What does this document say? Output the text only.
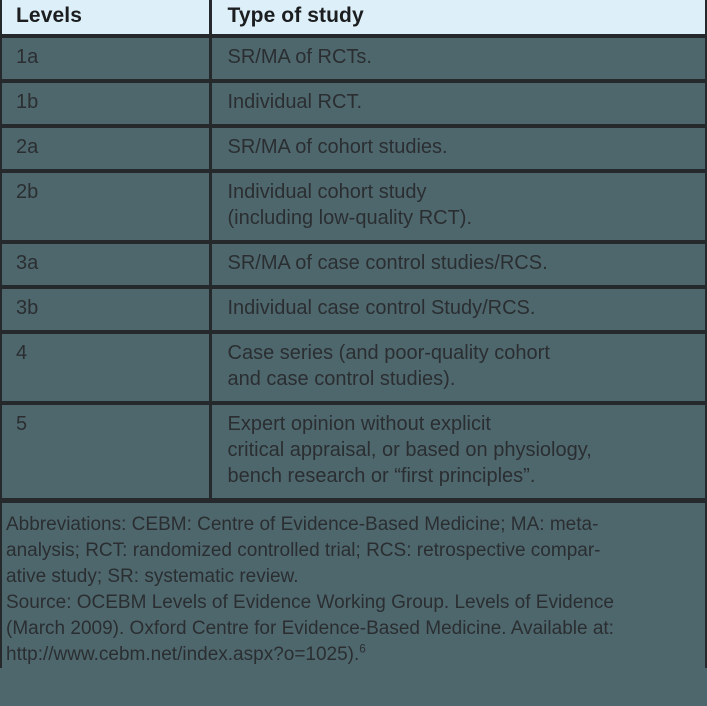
Levels	Type of study

1a	SR/MA of RCTs.

1b	Individual RCT.

2a	SR/MA of cohort studies.

2b	Individual cohort study
(including low-quality RCT).

3a	SR/MA of case control studies/RCS.

3b	Individual case control Study/RCS.

4	Case series (and poor-quality cohort
and case control studies).

5	Expert opinion without explicit
critical appraisal, or based on physiology,
bench research or “first principles”.

Abbreviations: CEBM: Centre of Evidence-Based Medicine; MA: meta-
analysis; RCT: randomized controlled trial; RCS: retrospective compar-
ative study; SR: systematic review.

Source: OCEBM Levels of Evidence Working Group. Levels of Evidence
(March 2009). Oxford Centre for Evidence-Based Medicine. Available at:
http://www.cebm.net/index.aspx?o=1025).$^6$
